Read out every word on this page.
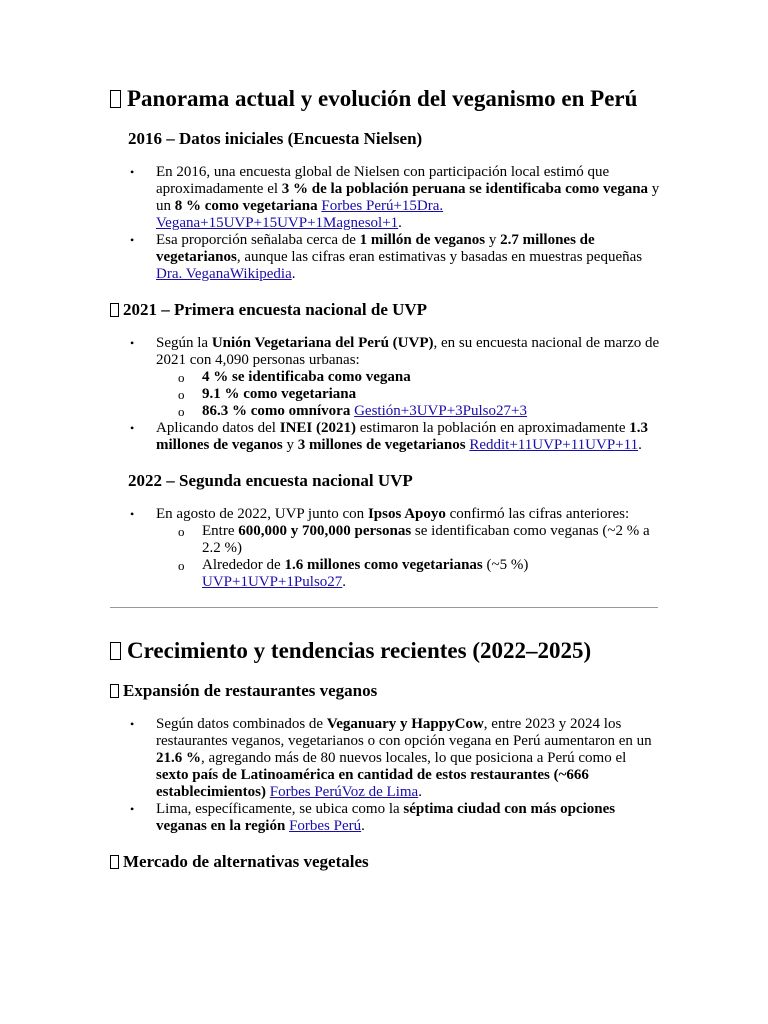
Panorama actual y evolución del veganismo en Perú
2016 – Datos iniciales (Encuesta Nielsen)
• En 2016, una encuesta global de Nielsen con participación local estimó que aproximadamente el 3 % de la población peruana se identificaba como vegana y un 8 % como vegetariana Forbes Perú+15Dra. Vegana+15UVP+15UVP+1Magnesol+1.
• Esa proporción señalaba cerca de 1 millón de veganos y 2.7 millones de vegetarianos, aunque las cifras eran estimativas y basadas en muestras pequeñas Dra. VeganaWikipedia.
2021 – Primera encuesta nacional de UVP
• Según la Unión Vegetariana del Perú (UVP), en su encuesta nacional de marzo de 2021 con 4,090 personas urbanas:
o 4 % se identificaba como vegana
o 9.1 % como vegetariana
o 86.3 % como omnívora Gestión+3UVP+3Pulso27+3
• Aplicando datos del INEI (2021) estimaron la población en aproximadamente 1.3 millones de veganos y 3 millones de vegetarianos Reddit+11UVP+11UVP+11.
2022 – Segunda encuesta nacional UVP
• En agosto de 2022, UVP junto con Ipsos Apoyo confirmó las cifras anteriores:
o Entre 600,000 y 700,000 personas se identificaban como veganas (~2 % a 2.2 %)
o Alrededor de 1.6 millones como vegetarianas (~5 %) UVP+1UVP+1Pulso27.
Crecimiento y tendencias recientes (2022–2025)
Expansión de restaurantes veganos
• Según datos combinados de Veganuary y HappyCow, entre 2023 y 2024 los restaurantes veganos, vegetarianos o con opción vegana en Perú aumentaron en un 21.6 %, agregando más de 80 nuevos locales, lo que posiciona a Perú como el sexto país de Latinoamérica en cantidad de estos restaurantes (~666 establecimientos) Forbes PerúVoz de Lima.
• Lima, específicamente, se ubica como la séptima ciudad con más opciones veganas en la región Forbes Perú.
Mercado de alternativas vegetales
